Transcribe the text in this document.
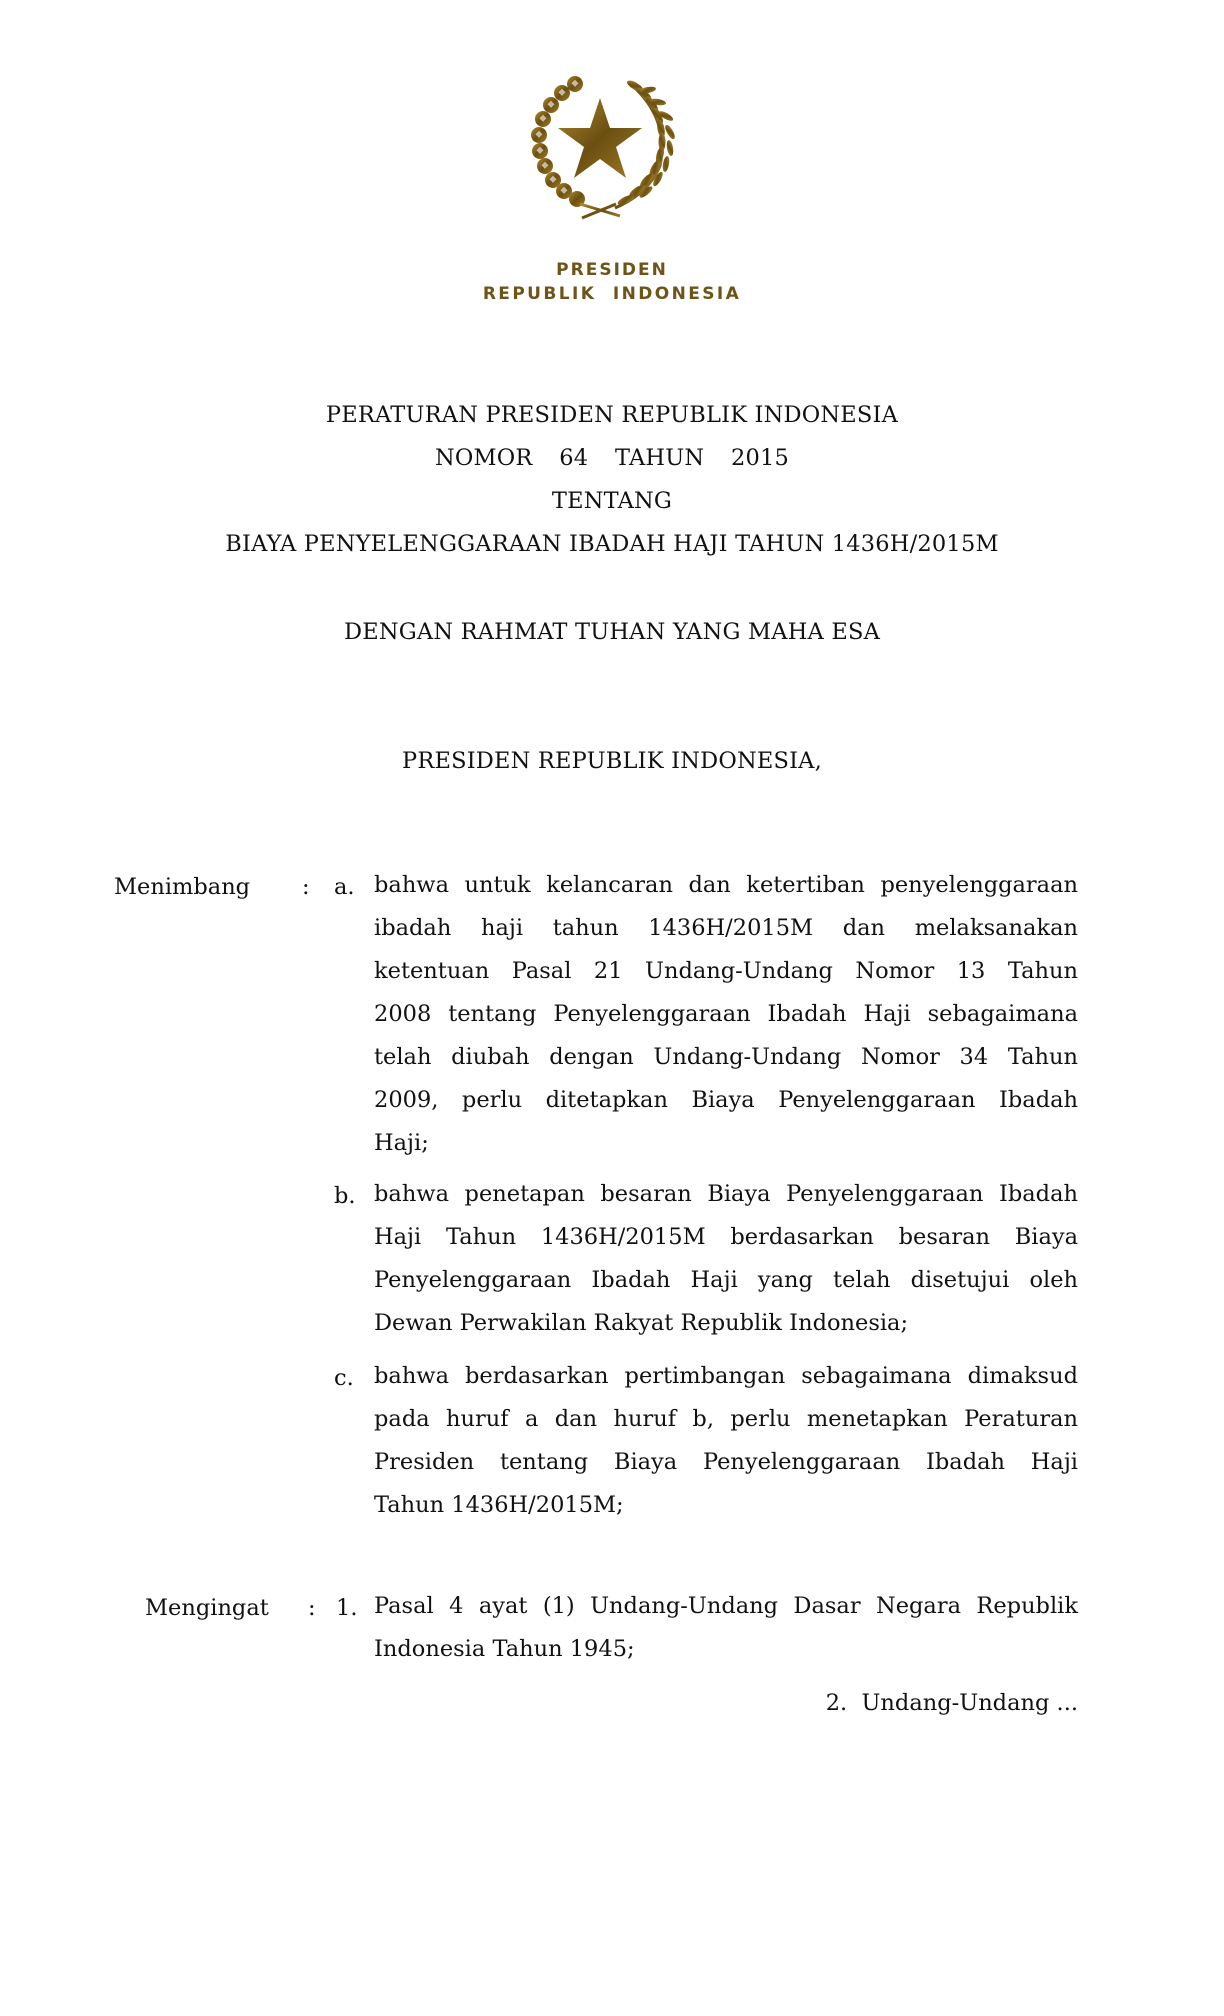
PRESIDEN
REPUBLIK  INDONESIA
PERATURAN PRESIDEN REPUBLIK INDONESIA
NOMOR  64  TAHUN  2015
TENTANG
BIAYA PENYELENGGARAAN IBADAH HAJI TAHUN 1436H/2015M
DENGAN RAHMAT TUHAN YANG MAHA ESA
PRESIDEN REPUBLIK INDONESIA,
Menimbang : a. bahwa untuk kelancaran dan ketertiban penyelenggaraan
ibadah haji tahun 1436H/2015M dan melaksanakan
ketentuan Pasal 21 Undang-Undang Nomor 13 Tahun
2008 tentang Penyelenggaraan Ibadah Haji sebagaimana
telah diubah dengan Undang-Undang Nomor 34 Tahun
2009, perlu ditetapkan Biaya Penyelenggaraan Ibadah
Haji;
b. bahwa penetapan besaran Biaya Penyelenggaraan Ibadah
Haji Tahun 1436H/2015M berdasarkan besaran Biaya
Penyelenggaraan Ibadah Haji yang telah disetujui oleh
Dewan Perwakilan Rakyat Republik Indonesia;
c. bahwa berdasarkan pertimbangan sebagaimana dimaksud
pada huruf a dan huruf b, perlu menetapkan Peraturan
Presiden tentang Biaya Penyelenggaraan Ibadah Haji
Tahun 1436H/2015M;
Mengingat : 1. Pasal 4 ayat (1) Undang-Undang Dasar Negara Republik
Indonesia Tahun 1945;
2.  Undang-Undang ...
